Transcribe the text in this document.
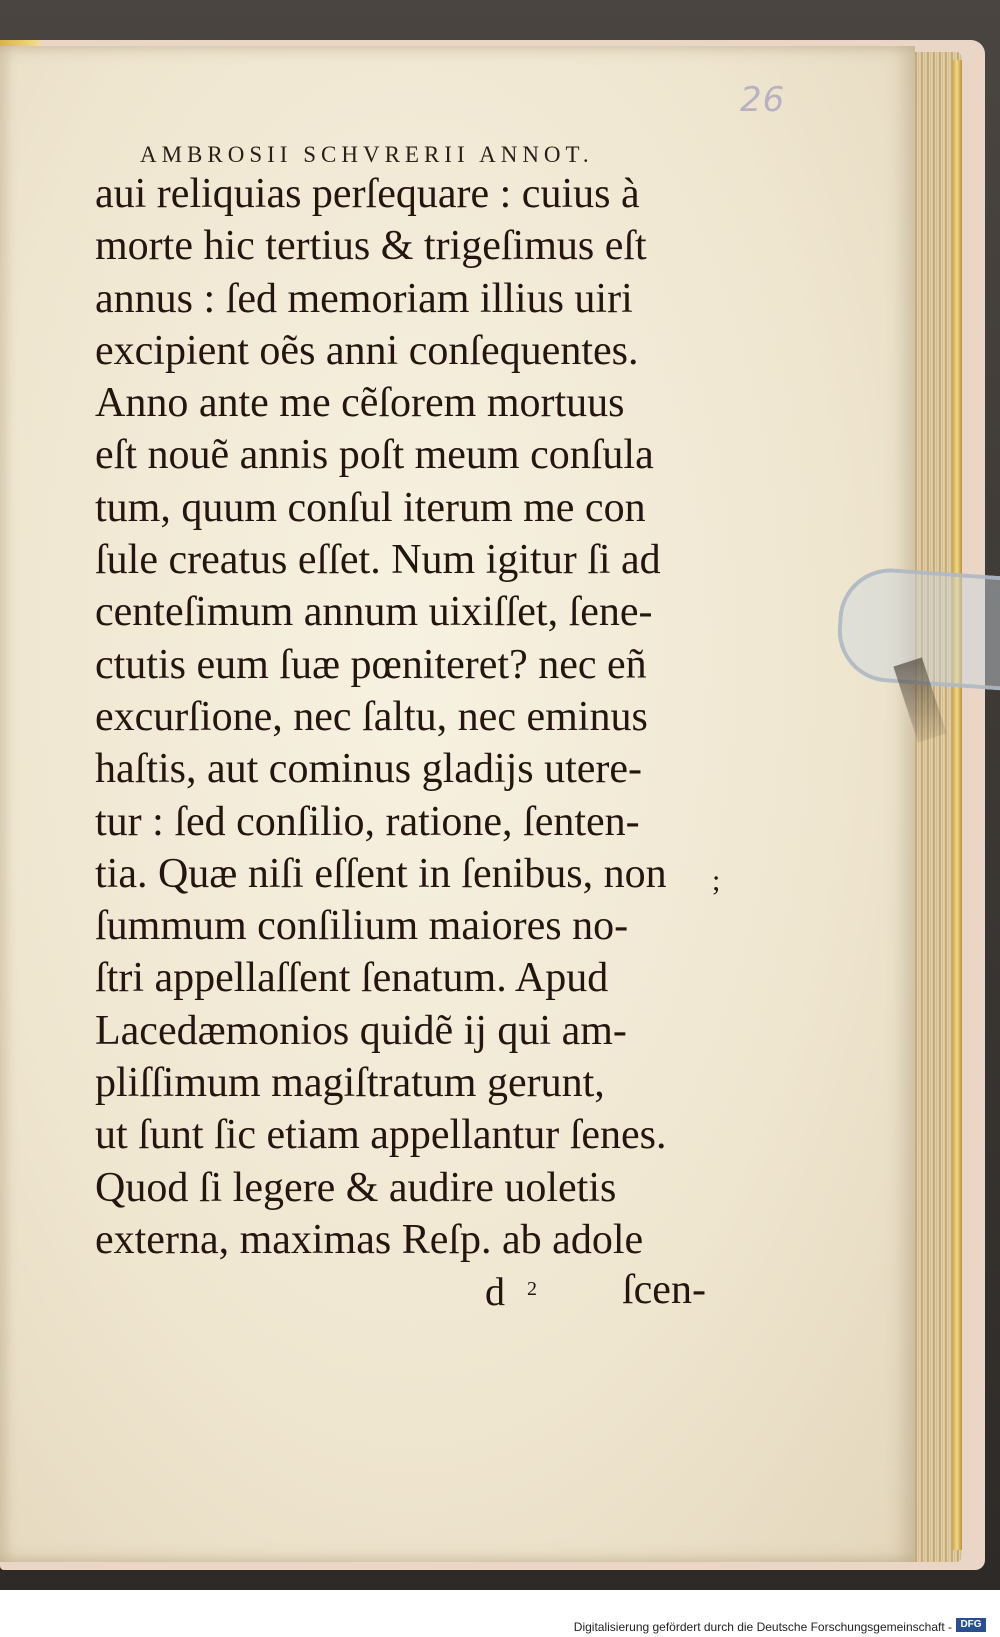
26
AMBROSII SCHVRERII ANNOT.
aui reliquias perſequare : cuius à
morte hic tertius & trigeſimus eſt
annus : ſed memoriam illius uiri
excipient oẽs anni conſequentes.
Anno ante me cẽſorem mortuus
eſt nouẽ annis poſt meum conſula
tum, quum conſul iterum me con
ſule creatus eſſet. Num igitur ſi ad
centeſimum annum uixiſſet, ſene-
ctutis eum ſuæ pœniteret? nec eñ
excurſione, nec ſaltu, nec eminus
haſtis, aut cominus gladijs utere-
tur : ſed conſilio, ratione, ſenten-
tia. Quæ niſi eſſent in ſenibus, non
ſummum conſilium maiores no-
ſtri appellaſſent ſenatum. Apud
Lacedæmonios quidẽ ij qui am-
pliſſimum magiſtratum gerunt,
ut ſunt ſic etiam appellantur ſenes.
Quod ſi legere & audire uoletis
externa, maximas Reſp. ab adole
;
d $^2$ ſcen-
Digitalisierung gefördert durch die Deutsche Forschungsgemeinschaft - DFG
